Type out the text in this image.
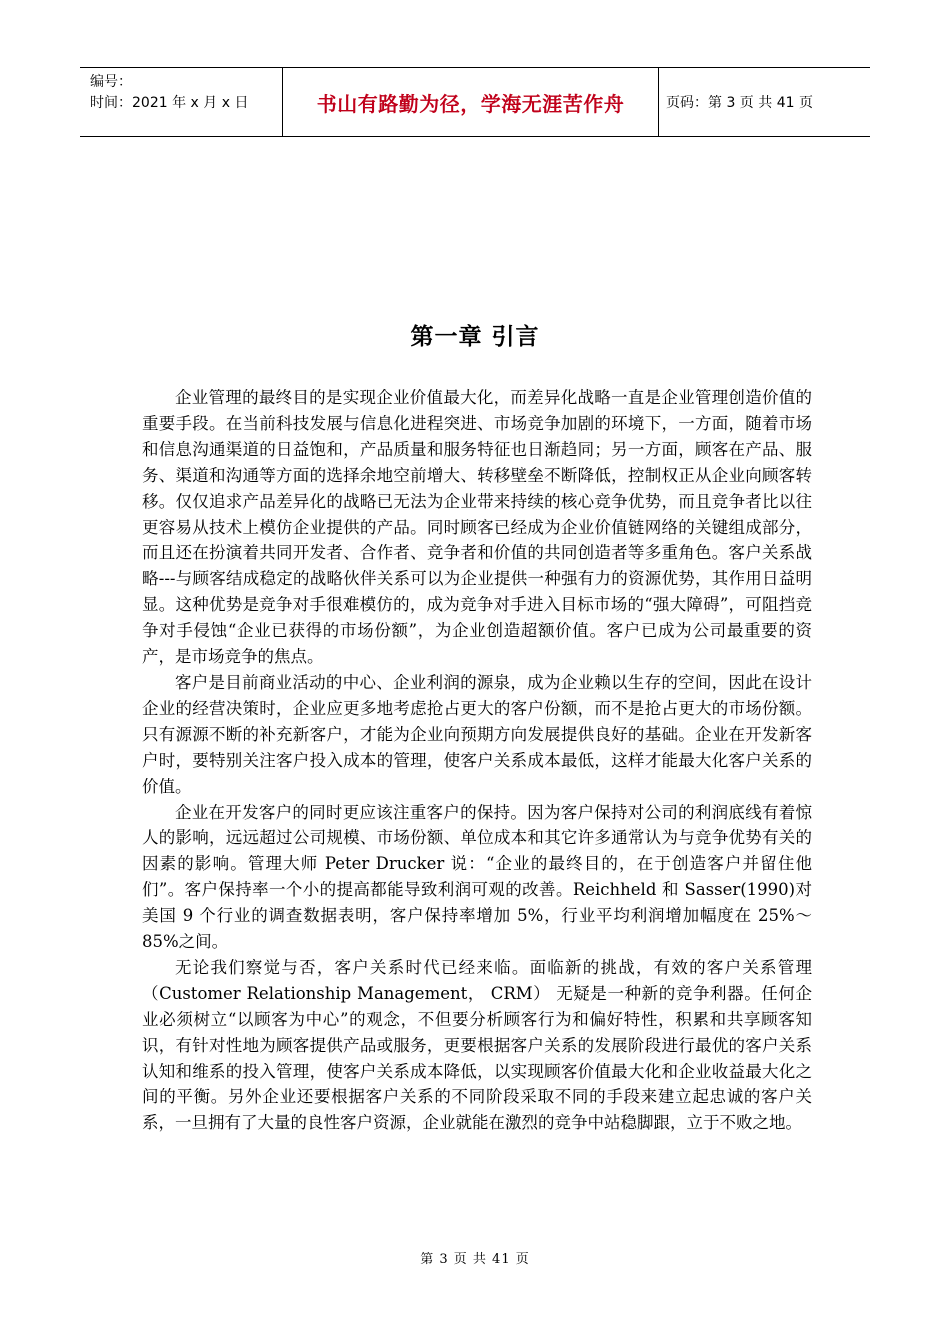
编号：
时间：2021 年 x 月 x 日	书山有路勤为径，学海无涯苦作舟	页码：第 3 页 共 41 页
第一章 引言

企业管理的最终目的是实现企业价值最大化，而差异化战略一直是企业管理创造价值的重要手段。在当前科技发展与信息化进程突进、市场竞争加剧的环境下，一方面，随着市场和信息沟通渠道的日益饱和，产品质量和服务特征也日渐趋同；另一方面，顾客在产品、服务、渠道和沟通等方面的选择余地空前增大、转移壁垒不断降低，控制权正从企业向顾客转移。仅仅追求产品差异化的战略已无法为企业带来持续的核心竞争优势，而且竞争者比以往更容易从技术上模仿企业提供的产品。同时顾客已经成为企业价值链网络的关键组成部分，而且还在扮演着共同开发者、合作者、竞争者和价值的共同创造者等多重角色。客户关系战略---与顾客结成稳定的战略伙伴关系可以为企业提供一种强有力的资源优势，其作用日益明显。这种优势是竞争对手很难模仿的，成为竞争对手进入目标市场的“强大障碍”，可阻挡竞争对手侵蚀“企业已获得的市场份额”，为企业创造超额价值。客户已成为公司最重要的资产，是市场竞争的焦点。

客户是目前商业活动的中心、企业利润的源泉，成为企业赖以生存的空间，因此在设计企业的经营决策时，企业应更多地考虑抢占更大的客户份额，而不是抢占更大的市场份额。只有源源不断的补充新客户，才能为企业向预期方向发展提供良好的基础。企业在开发新客户时，要特别关注客户投入成本的管理，使客户关系成本最低，这样才能最大化客户关系的价值。

企业在开发客户的同时更应该注重客户的保持。因为客户保持对公司的利润底线有着惊人的影响，远远超过公司规模、市场份额、单位成本和其它许多通常认为与竞争优势有关的因素的影响。管理大师 Peter Drucker 说：“企业的最终目的，在于创造客户并留住他们”。客户保持率一个小的提高都能导致利润可观的改善。Reichheld 和 Sasser(1990)对美国 9 个行业的调查数据表明，客户保持率增加 5%，行业平均利润增加幅度在 25%～85%之间。

无论我们察觉与否，客户关系时代已经来临。面临新的挑战，有效的客户关系管理（Customer Relationship Management， CRM） 无疑是一种新的竞争利器。任何企业必须树立“以顾客为中心”的观念，不但要分析顾客行为和偏好特性，积累和共享顾客知识，有针对性地为顾客提供产品或服务，更要根据客户关系的发展阶段进行最优的客户关系认知和维系的投入管理，使客户关系成本降低，以实现顾客价值最大化和企业收益最大化之间的平衡。另外企业还要根据客户关系的不同阶段采取不同的手段来建立起忠诚的客户关系，一旦拥有了大量的良性客户资源，企业就能在激烈的竞争中站稳脚跟，立于不败之地。

第 3 页 共 41 页
